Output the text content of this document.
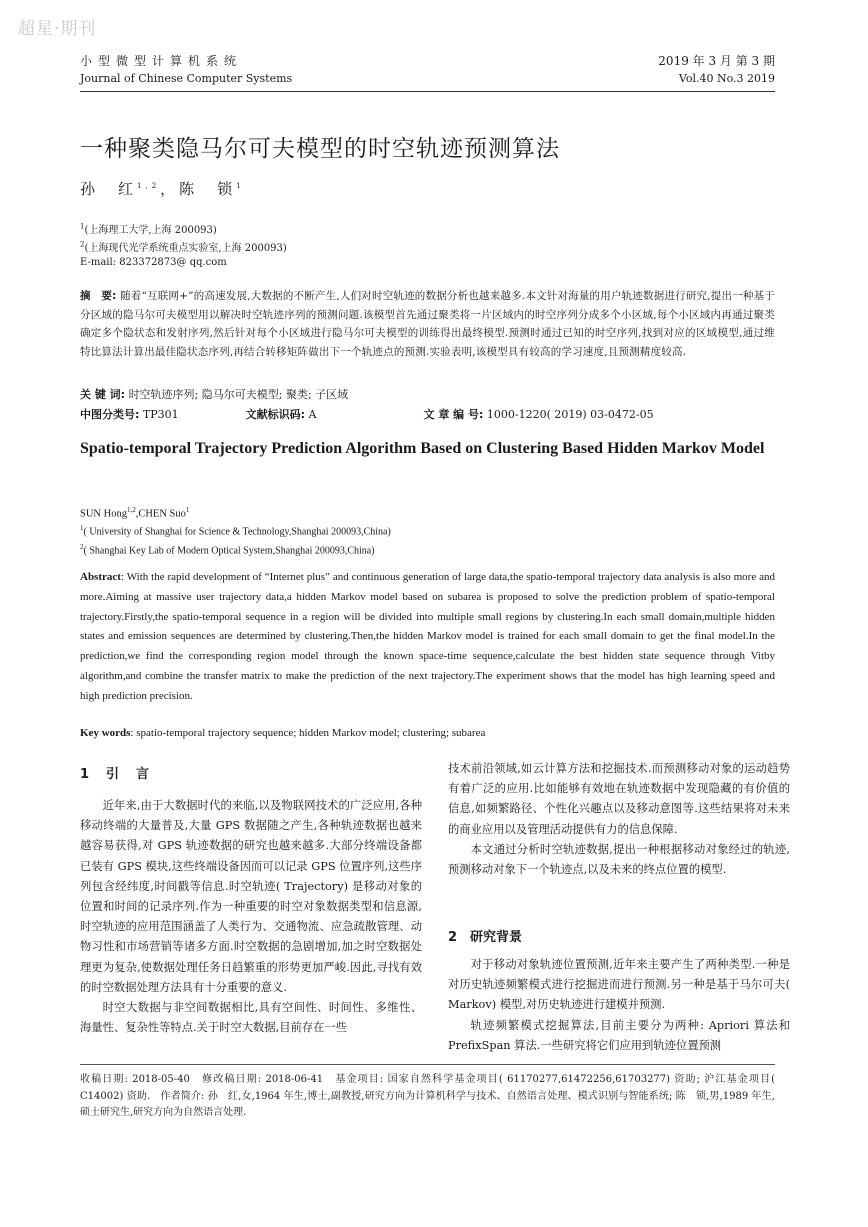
超星·期刊
小型微型计算机系统
Journal of Chinese Computer Systems
2019 年 3 月 第 3 期
Vol.40 No.3 2019
一种聚类隐马尔可夫模型的时空轨迹预测算法
孙　红$^{1,2}$，陈　锁$^1$
$^1$(上海理工大学,上海 200093)
$^2$(上海现代光学系统重点实验室,上海 200093)
E-mail: 823372873@ qq.com
摘　要: 随着“互联网+”的高速发展,大数据的不断产生,人们对时空轨迹的数据分析也越来越多.本文针对海量的用户轨迹数据进行研究,提出一种基于分区域的隐马尔可夫模型用以解决时空轨迹序列的预测问题.该模型首先通过聚类将一片区域内的时空序列分成多个小区域,每个小区域内再通过聚类确定多个隐状态和发射序列,然后针对每个小区域进行隐马尔可夫模型的训练得出最终模型.预测时通过已知的时空序列,找到对应的区域模型,通过维特比算法计算出最佳隐状态序列,再结合转移矩阵做出下一个轨迹点的预测.实验表明,该模型具有较高的学习速度,且预测精度较高.
关 键 词: 时空轨迹序列; 隐马尔可夫模型; 聚类; 子区域
中图分类号: TP301	文献标识码: A	文 章 编 号: 1000-1220( 2019) 03-0472-05
Spatio-temporal Trajectory Prediction Algorithm Based on Clustering Based Hidden Markov Model
SUN Hong$^{1,2}$,CHEN Suo$^1$
$^1$( University of Shanghai for Science & Technology,Shanghai 200093,China)
$^2$( Shanghai Key Lab of Modern Optical System,Shanghai 200093,China)
Abstract: With the rapid development of “Internet plus” and continuous generation of large data,the spatio-temporal trajectory data analysis is also more and more.Aiming at massive user trajectory data,a hidden Markov model based on subarea is proposed to solve the prediction problem of spatio-temporal trajectory.Firstly,the spatio-temporal sequence in a region will be divided into multiple small regions by clustering.In each small domain,multiple hidden states and emission sequences are determined by clustering.Then,the hidden Markov model is trained for each small domain to get the final model.In the prediction,we find the corresponding region model through the known space-time sequence,calculate the best hidden state sequence through Vitby algorithm,and combine the transfer matrix to make the prediction of the next trajectory.The experiment shows that the model has high learning speed and high prediction precision.
Key words: spatio-temporal trajectory sequence; hidden Markov model; clustering; subarea
1　引　言

近年来,由于大数据时代的来临,以及物联网技术的广泛应用,各种移动终端的大量普及,大量 GPS 数据随之产生,各种轨迹数据也越来越容易获得,对 GPS 轨迹数据的研究也越来越多.大部分终端设备都已装有 GPS 模块,这些终端设备因而可以记录 GPS 位置序列,这些序列包含经纬度,时间戳等信息.时空轨迹( Trajectory) 是移动对象的位置和时间的记录序列.作为一种重要的时空对象数据类型和信息源,时空轨迹的应用范围涵盖了人类行为、交通物流、应急疏散管理、动物习性和市场营销等诸多方面.时空数据的急剧增加,加之时空数据处理更为复杂,使数据处理任务日趋繁重的形势更加严峻.因此,寻找有效的时空数据处理方法具有十分重要的意义.

时空大数据与非空间数据相比,具有空间性、时间性、多维性、海量性、复杂性等特点.关于时空大数据,目前存在一些

技术前沿领域,如云计算方法和挖掘技术.而预测移动对象的运动趋势有着广泛的应用.比如能够有效地在轨迹数据中发现隐藏的有价值的信息,如频繁路径、个性化兴趣点以及移动意图等.这些结果将对未来的商业应用以及管理活动提供有力的信息保障.

本文通过分析时空轨迹数据,提出一种根据移动对象经过的轨迹,预测移动对象下一个轨迹点,以及未来的终点位置的模型.

2　研究背景

对于移动对象轨迹位置预测,近年来主要产生了两种类型.一种是对历史轨迹频繁模式进行挖掘进而进行预测.另一种是基于马尔可夫( Markov) 模型,对历史轨迹进行建模并预测.

轨迹频繁模式挖掘算法,目前主要分为两种: Apriori 算法和 PrefixSpan 算法.一些研究将它们应用到轨迹位置预测

收稿日期: 2018-05-40　修改稿日期: 2018-06-41　基金项目: 国家自然科学基金项目( 61170277,61472256,61703277) 资助; 沪江基金项目( C14002) 资助.　作者简介: 孙　红,女,1964 年生,博士,副教授,研究方向为计算机科学与技术、自然语言处理、模式识别与智能系统; 陈　锁,男,1989 年生,硕士研究生,研究方向为自然语言处理.
